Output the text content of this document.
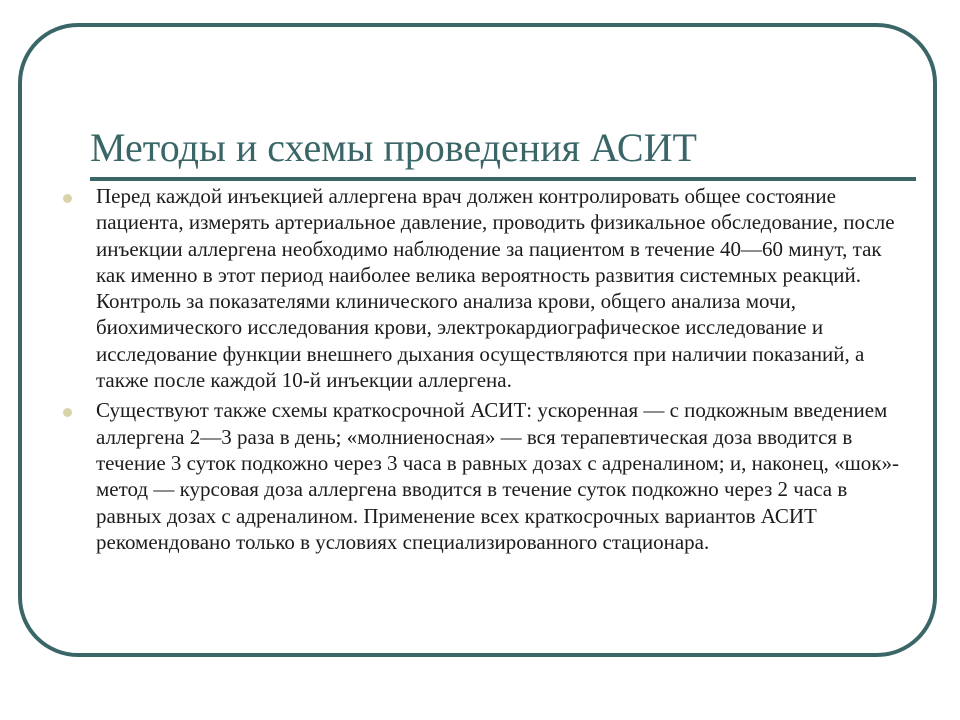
Методы и схемы проведения АСИТ
Перед каждой инъекцией аллергена врач должен контролировать общее состояние пациента, измерять артериальное давление, проводить физикальное обследование, после инъекции аллергена необходимо наблюдение за пациентом в течение 40—60 минут, так как именно в этот период наиболее велика вероятность развития системных реакций. Контроль за показателями клинического анализа крови, общего анализа мочи, биохимического исследования крови, электрокардиографическое исследование и исследование функции внешнего дыхания осуществляются при наличии показаний, а также после каждой 10-й инъекции аллергена.
Существуют также схемы краткосрочной АСИТ: ускоренная — с подкожным введением аллергена 2—3 раза в день; «молниеносная» — вся терапевтическая доза вводится в течение 3 суток подкожно через 3 часа в равных дозах с адреналином; и, наконец, «шок»-метод — курсовая доза аллергена вводится в течение суток подкожно через 2 часа в равных дозах с адреналином. Применение всех краткосрочных вариантов АСИТ рекомендовано только в условиях специализированного стационара.
